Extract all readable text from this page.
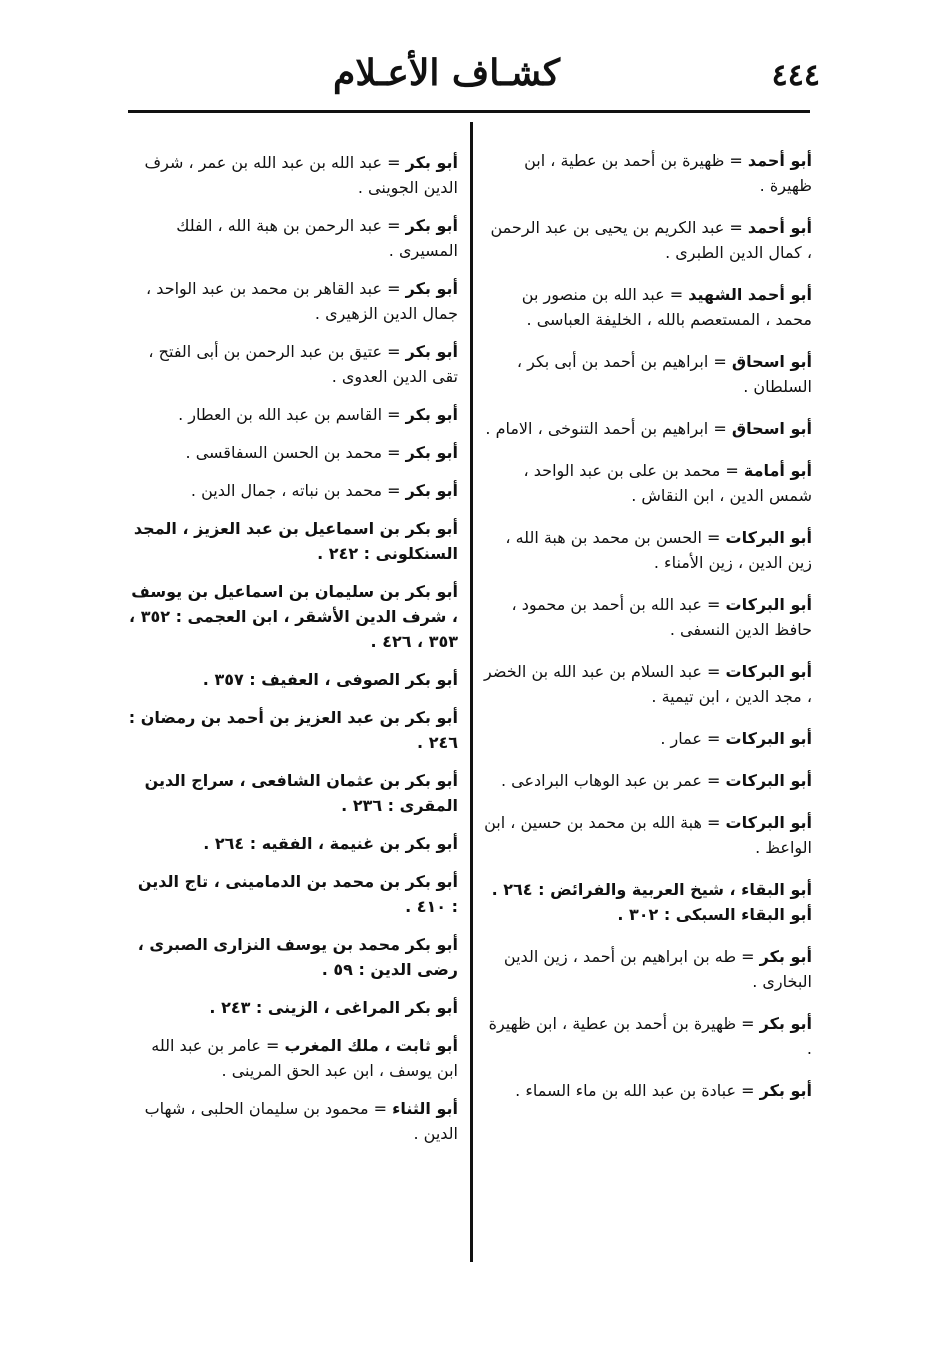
٤٤٤
كشـاف الأعـلام
أبو أحمد = ظهيرة بن أحمد بن عطية ، ابن ظهيرة .
أبو أحمد = عبد الكريم بن يحيى بن عبد الرحمن ، كمال الدين الطبرى .
أبو أحمد الشهيد = عبد الله بن منصور بن محمد ، المستعصم بالله ، الخليفة العباسى .
أبو اسحاق = ابراهيم بن أحمد بن أبى بكر ، السلطان .
أبو اسحاق = ابراهيم بن أحمد التنوخى ، الامام .
أبو أمامة = محمد بن على بن عبد الواحد ، شمس الدين ، ابن النقاش .
أبو البركات = الحسن بن محمد بن هبة الله ، زين الدين ، زين الأمناء .
أبو البركات = عبد الله بن أحمد بن محمود ، حافظ الدين النسفى .
أبو البركات = عبد السلام بن عبد الله بن الخضر ، مجد الدين ، ابن تيمية .
أبو البركات = عمار .
أبو البركات = عمر بن عبد الوهاب البرادعى .
أبو البركات = هبة الله بن محمد بن حسين ، ابن الواعظ .
أبو البقاء ، شيخ العربية والفرائض : ٢٦٤ .
أبو البقاء السبكى : ٣٠٢ .
أبو بكر = طه بن ابراهيم بن أحمد ، زين الدين البخارى .
أبو بكر = ظهيرة بن أحمد بن عطية ، ابن ظهيرة .
أبو بكر = عبادة بن عبد الله بن ماء السماء .
أبو بكر = عبد الله بن عبد الله بن عمر ، شرف الدين الجوينى .
أبو بكر = عبد الرحمن بن هبة الله ، الفلك المسيرى .
أبو بكر = عبد القاهر بن محمد بن عبد الواحد ، جمال الدين الزهيرى .
أبو بكر = عتيق بن عبد الرحمن بن أبى الفتح ، تقى الدين العدوى .
أبو بكر = القاسم بن عبد الله بن العطار .
أبو بكر = محمد بن الحسن السفاقسى .
أبو بكر = محمد بن نباته ، جمال الدين .
أبو بكر بن اسماعيل بن عبد العزيز ، المجد السنكلونى : ٢٤٢ .
أبو بكر بن سليمان بن اسماعيل بن يوسف ، شرف الدين الأشقر ، ابن العجمى : ٣٥٢ ، ٣٥٣ ، ٤٢٦ .
أبو بكر الصوفى ، العفيف : ٣٥٧ .
أبو بكر بن عبد العزيز بن أحمد بن رمضان : ٢٤٦ .
أبو بكر بن عثمان الشافعى ، سراج الدين المقرى : ٢٣٦ .
أبو بكر بن غنيمة ، الفقيه : ٢٦٤ .
أبو بكر بن محمد بن الدمامينى ، تاج الدين : ٤١٠ .
أبو بكر محمد بن يوسف النزارى الصبرى ، رضى الدين : ٥٩ .
أبو بكر المراغى ، الزينى : ٢٤٣ .
أبو ثابت ، ملك المغرب = عامر بن عبد الله ابن يوسف ، ابن عبد الحق المرينى .
أبو الثناء = محمود بن سليمان الحلبى ، شهاب الدين .
